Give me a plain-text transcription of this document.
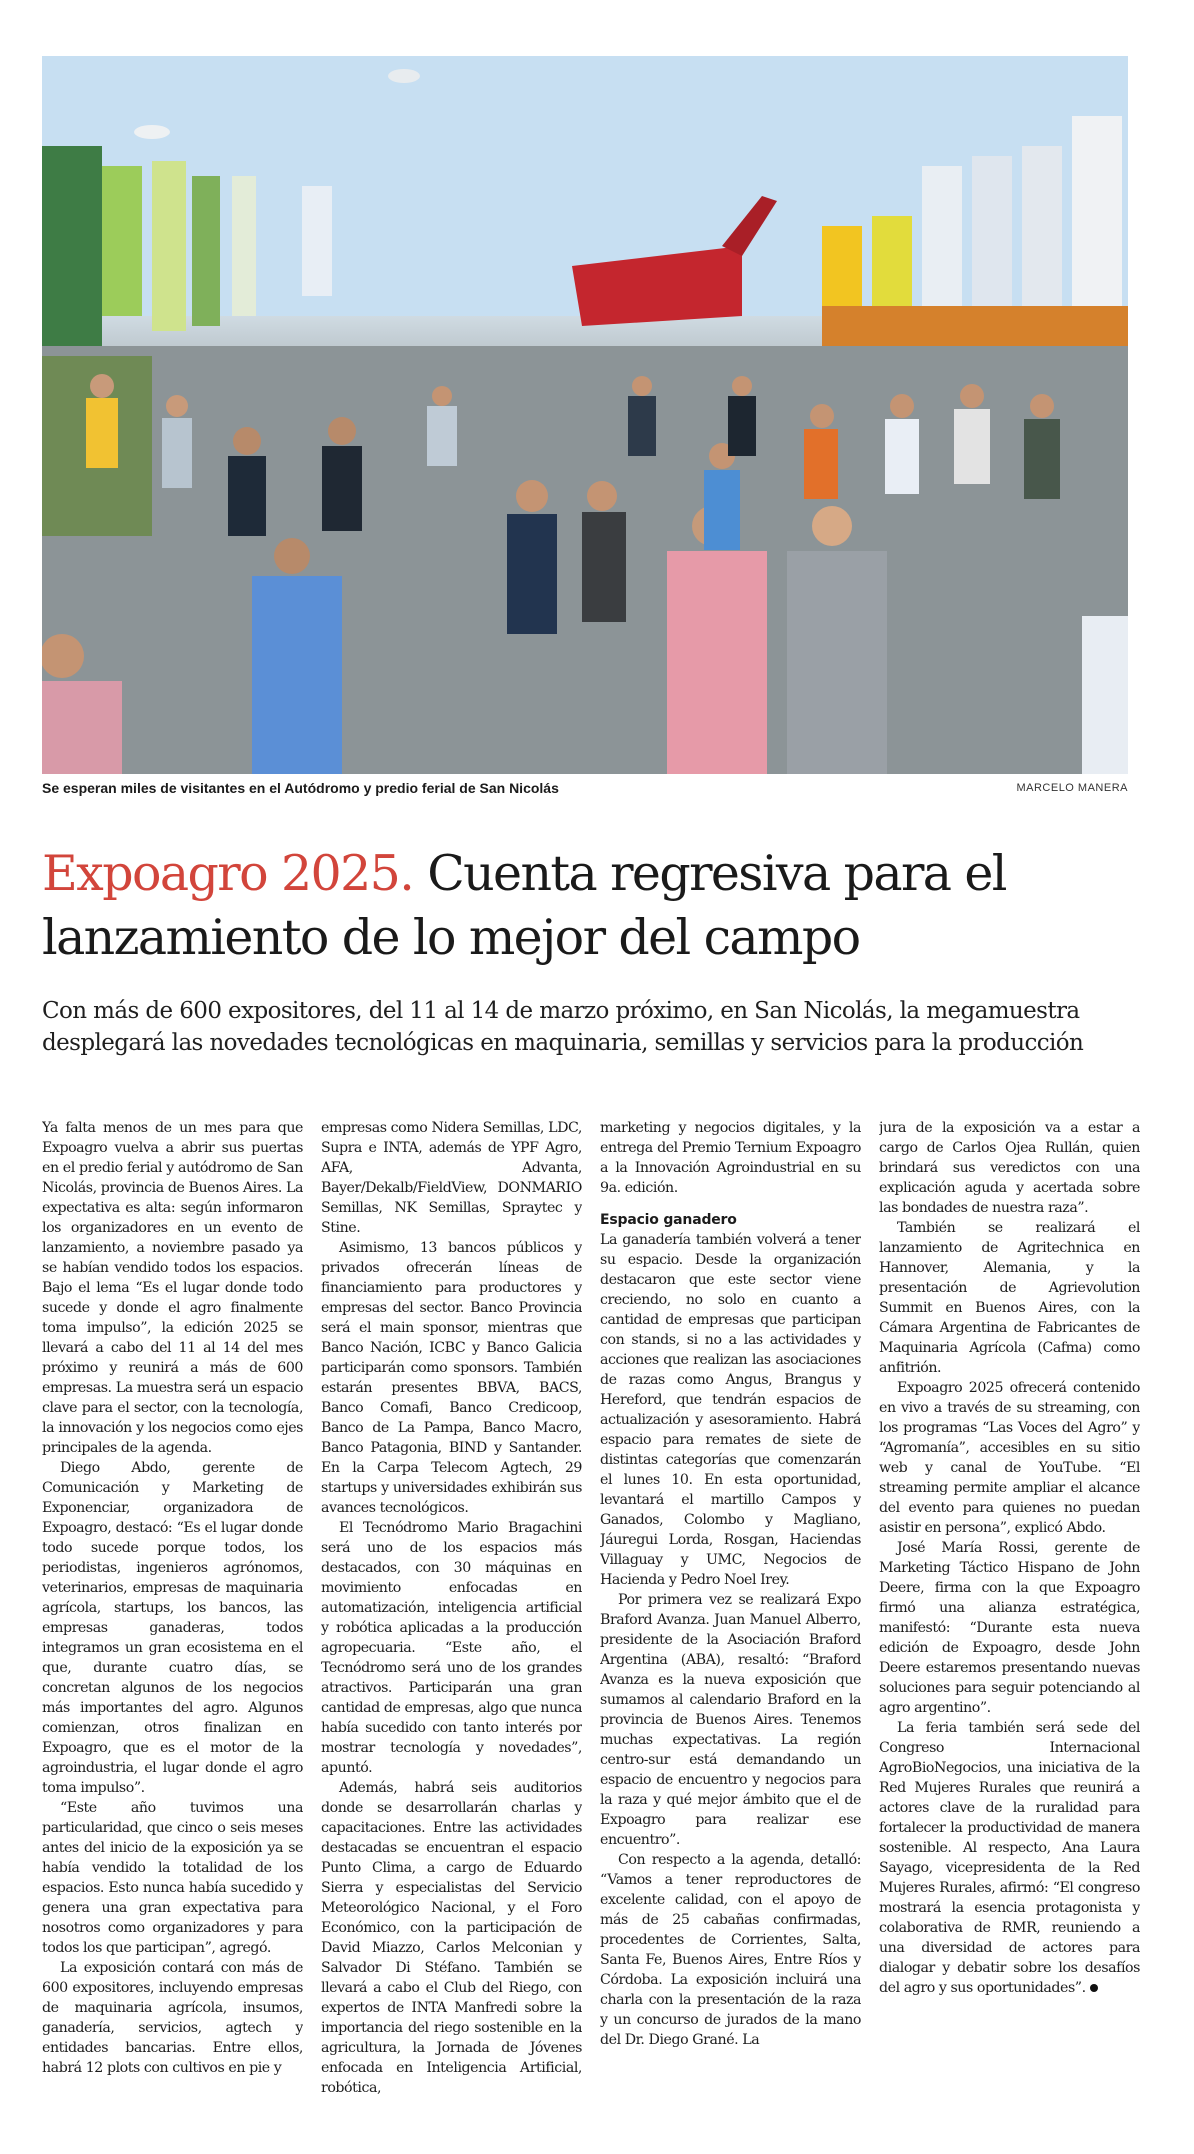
Se esperan miles de visitantes en el Autódromo y predio ferial de San Nicolás	MARCELO MANERA
Expoagro 2025. Cuenta regresiva para el lanzamiento de lo mejor del campo

Con más de 600 expositores, del 11 al 14 de marzo próximo, en San Nicolás, la megamuestra desplegará las novedades tecnológicas en maquinaria, semillas y servicios para la producción

Ya falta menos de un mes para que Expoagro vuelva a abrir sus puertas en el predio ferial y autódromo de San Nicolás, provincia de Buenos Aires. La expectativa es alta: según informaron los organizadores en un evento de lanzamiento, a noviembre pasado ya se habían vendido todos los espacios. Bajo el lema “Es el lugar donde todo sucede y donde el agro finalmente toma impulso”, la edición 2025 se llevará a cabo del 11 al 14 del mes próximo y reunirá a más de 600 empresas. La muestra será un espacio clave para el sector, con la tecnología, la innovación y los negocios como ejes principales de la agenda.

Diego Abdo, gerente de Comunicación y Marketing de Exponenciar, organizadora de Expoagro, destacó: “Es el lugar donde todo sucede porque todos, los periodistas, ingenieros agrónomos, veterinarios, empresas de maquinaria agrícola, startups, los bancos, las empresas ganaderas, todos integramos un gran ecosistema en el que, durante cuatro días, se concretan algunos de los negocios más importantes del agro. Algunos comienzan, otros finalizan en Expoagro, que es el motor de la agroindustria, el lugar donde el agro toma impulso”.

“Este año tuvimos una particularidad, que cinco o seis meses antes del inicio de la exposición ya se había vendido la totalidad de los espacios. Esto nunca había sucedido y genera una gran expectativa para nosotros como organizadores y para todos los que participan”, agregó.

La exposición contará con más de 600 expositores, incluyendo empresas de maquinaria agrícola, insumos, ganadería, servicios, agtech y entidades bancarias. Entre ellos, habrá 12 plots con cultivos en pie y

empresas como Nidera Semillas, LDC, Supra e INTA, además de YPF Agro, AFA, Advanta, Bayer/Dekalb/FieldView, DONMARIO Semillas, NK Semillas, Spraytec y Stine.

Asimismo, 13 bancos públicos y privados ofrecerán líneas de financiamiento para productores y empresas del sector. Banco Provincia será el main sponsor, mientras que Banco Nación, ICBC y Banco Galicia participarán como sponsors. También estarán presentes BBVA, BACS, Banco Comafi, Banco Credicoop, Banco de La Pampa, Banco Macro, Banco Patagonia, BIND y Santander. En la Carpa Telecom Agtech, 29 startups y universidades exhibirán sus avances tecnológicos.

El Tecnódromo Mario Bragachini será uno de los espacios más destacados, con 30 máquinas en movimiento enfocadas en automatización, inteligencia artificial y robótica aplicadas a la producción agropecuaria. “Este año, el Tecnódromo será uno de los grandes atractivos. Participarán una gran cantidad de empresas, algo que nunca había sucedido con tanto interés por mostrar tecnología y novedades”, apuntó.

Además, habrá seis auditorios donde se desarrollarán charlas y capacitaciones. Entre las actividades destacadas se encuentran el espacio Punto Clima, a cargo de Eduardo Sierra y especialistas del Servicio Meteorológico Nacional, y el Foro Económico, con la participación de David Miazzo, Carlos Melconian y Salvador Di Stéfano. También se llevará a cabo el Club del Riego, con expertos de INTA Manfredi sobre la importancia del riego sostenible en la agricultura, la Jornada de Jóvenes enfocada en Inteligencia Artificial, robótica,

marketing y negocios digitales, y la entrega del Premio Ternium Expoagro a la Innovación Agroindustrial en su 9a. edición.

Espacio ganadero

La ganadería también volverá a tener su espacio. Desde la organización destacaron que este sector viene creciendo, no solo en cuanto a cantidad de empresas que participan con stands, si no a las actividades y acciones que realizan las asociaciones de razas como Angus, Brangus y Hereford, que tendrán espacios de actualización y asesoramiento. Habrá espacio para remates de siete de distintas categorías que comenzarán el lunes 10. En esta oportunidad, levantará el martillo Campos y Ganados, Colombo y Magliano, Jáuregui Lorda, Rosgan, Haciendas Villaguay y UMC, Negocios de Hacienda y Pedro Noel Irey.

Por primera vez se realizará Expo Braford Avanza. Juan Manuel Alberro, presidente de la Asociación Braford Argentina (ABA), resaltó: “Braford Avanza es la nueva exposición que sumamos al calendario Braford en la provincia de Buenos Aires. Tenemos muchas expectativas. La región centro-sur está demandando un espacio de encuentro y negocios para la raza y qué mejor ámbito que el de Expoagro para realizar ese encuentro”.

Con respecto a la agenda, detalló: “Vamos a tener reproductores de excelente calidad, con el apoyo de más de 25 cabañas confirmadas, procedentes de Corrientes, Salta, Santa Fe, Buenos Aires, Entre Ríos y Córdoba. La exposición incluirá una charla con la presentación de la raza y un concurso de jurados de la mano del Dr. Diego Grané. La

jura de la exposición va a estar a cargo de Carlos Ojea Rullán, quien brindará sus veredictos con una explicación aguda y acertada sobre las bondades de nuestra raza”.

También se realizará el lanzamiento de Agritechnica en Hannover, Alemania, y la presentación de Agrievolution Summit en Buenos Aires, con la Cámara Argentina de Fabricantes de Maquinaria Agrícola (Cafma) como anfitrión.

Expoagro 2025 ofrecerá contenido en vivo a través de su streaming, con los programas “Las Voces del Agro” y “Agromanía”, accesibles en su sitio web y canal de YouTube. “El streaming permite ampliar el alcance del evento para quienes no puedan asistir en persona”, explicó Abdo.

José María Rossi, gerente de Marketing Táctico Hispano de John Deere, firma con la que Expoagro firmó una alianza estratégica, manifestó: “Durante esta nueva edición de Expoagro, desde John Deere estaremos presentando nuevas soluciones para seguir potenciando al agro argentino”.

La feria también será sede del Congreso Internacional AgroBioNegocios, una iniciativa de la Red Mujeres Rurales que reunirá a actores clave de la ruralidad para fortalecer la productividad de manera sostenible. Al respecto, Ana Laura Sayago, vicepresidenta de la Red Mujeres Rurales, afirmó: “El congreso mostrará la esencia protagonista y colaborativa de RMR, reuniendo a una diversidad de actores para dialogar y debatir sobre los desafíos del agro y sus oportunidades”.
